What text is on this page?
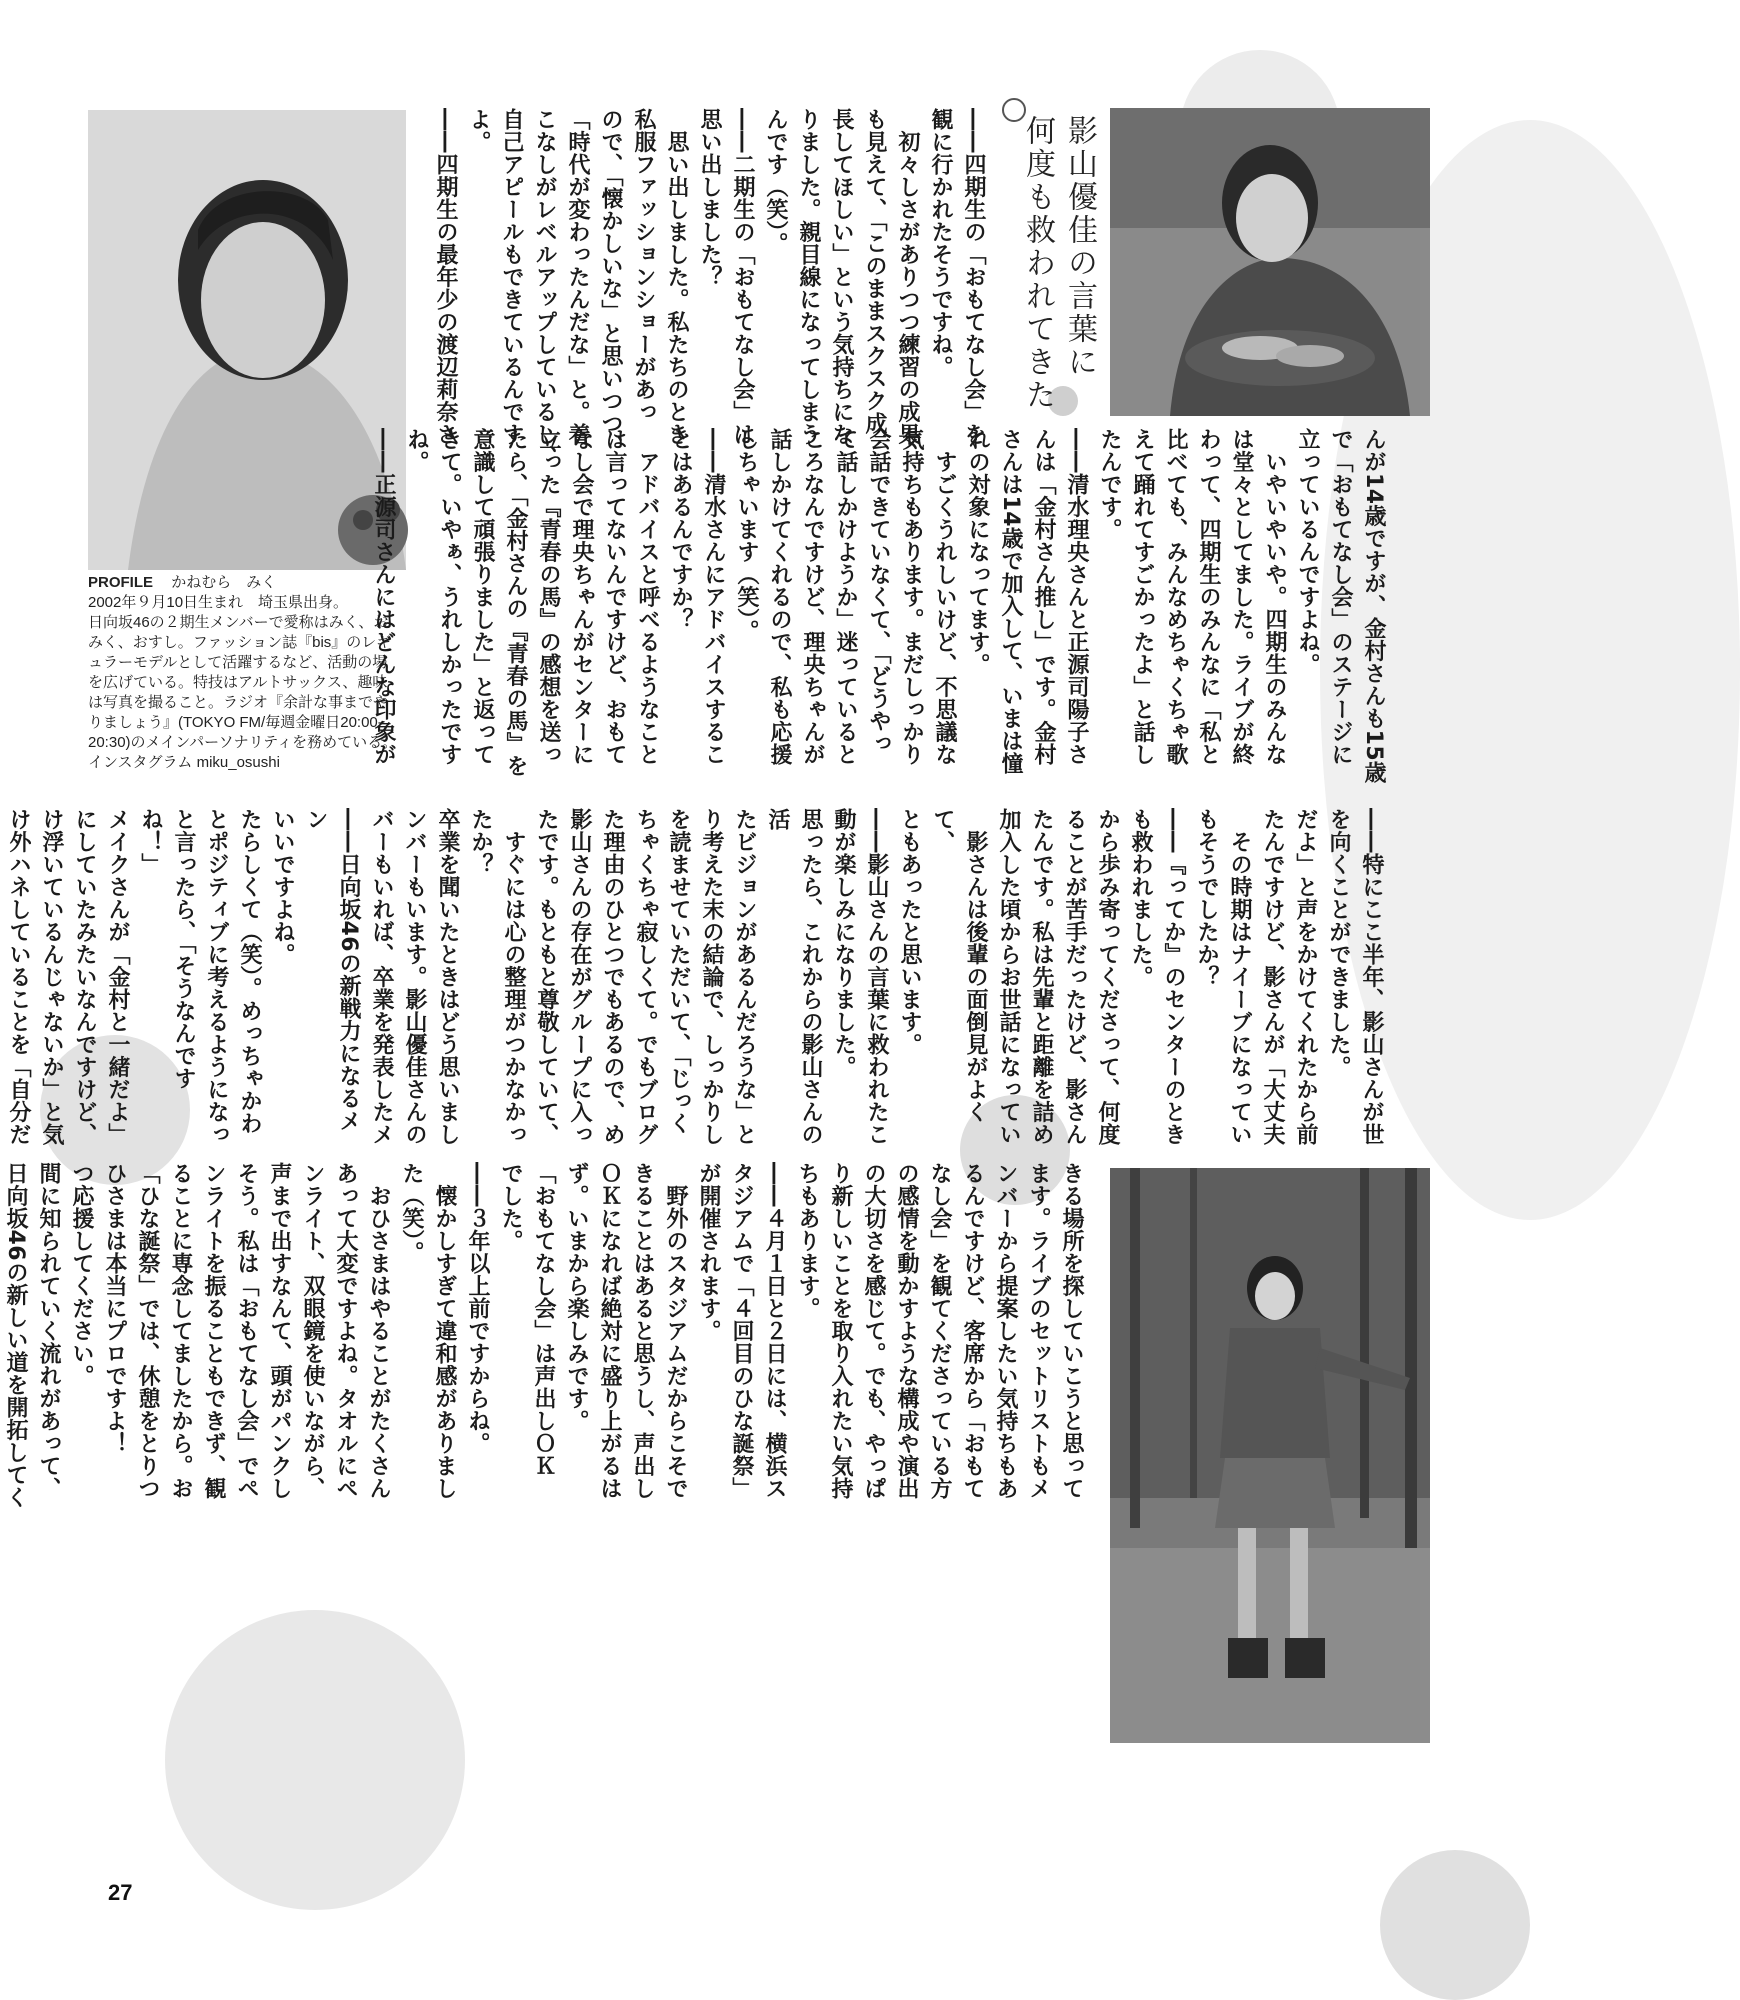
影山優佳の言葉に
何度も救われてきた
PROFILE かねむら　みく
2002年９月10日生まれ　埼玉県出身。
日向坂46の２期生メンバーで愛称はみく、お
みく、おすし。ファッション誌『bis』のレギ
ュラーモデルとして活躍するなど、活動の場
を広げている。特技はアルトサックス、趣味
は写真を撮ること。ラジオ『余計な事までや
りましょう』(TOKYO FM/毎週金曜日20:00-
20:30)のメインパーソナリティを務めている。
インスタグラム miku_osushi
――四期生の「おもてなし会」を
観に行かれたそうですね。
　初々しさがありつつ練習の成果
も見えて、「このままスクスク成
長してほしい」という気持ちにな
りました。親目線になってしまう
んです（笑）。
――二期生の「おもてなし会」は
思い出しました？
　思い出しました。私たちのとき
私服ファッションショーがあっ
ので、「懐かしいな」と思いつつ、
「時代が変わったんだな」と。着
こなしがレベルアップしているし、
自己アピールもできているんです
よ。
――四期生の最年少の渡辺莉奈さ
んが14歳ですが、金村さんも15歳
で「おもてなし会」のステージに
立っているんですよね。
　いやいやいや。四期生のみんな
は堂々としてました。ライブが終
わって、四期生のみんなに「私と
比べても、みんなめちゃくちゃ歌
えて踊れてすごかったよ」と話し
たんです。
――清水理央さんと正源司陽子さ
んは「金村さん推し」です。金村
さんは14歳で加入して、いまは憧
れの対象になってます。
　すごくうれしいけど、不思議な
気持ちもあります。まだしっかり
会話できていなくて、「どうやっ
て話しかけようか」迷っていると
ころなんですけど、理央ちゃんが
話しかけてくれるので、私も応援
しちゃいます（笑）。
――清水さんにアドバイスするこ
とはあるんですか？
　アドバイスと呼べるようなこと
は言ってないんですけど、おもて
なし会で理央ちゃんがセンターに
立った『青春の馬』の感想を送っ
たら、「金村さんの『青春の馬』を
意識して頑張りました」と返って
きて。いやぁ、うれしかったです
ね。
――正源司さんにはどんな印象が
――特にここ半年、影山さんが世
を向くことができました。
だよ」と声をかけてくれたから前
たんですけど、影さんが「大丈夫
　その時期はナイーブになってい
もそうでしたか？
――『ってか』のセンターのとき
も救われました。
から歩み寄ってくださって、何度
ることが苦手だったけど、影さん
たんです。私は先輩と距離を詰め
加入した頃からお世話になってい
　影さんは後輩の面倒見がよくて、
ともあったと思います。
――影山さんの言葉に救われたこ
動が楽しみになりました。
思ったら、これからの影山さんの活
たビジョンがあるんだろうな」と
り考えた末の結論で、しっかりし
を読ませていただいて、「じっく
ちゃくちゃ寂しくて。でもブログ
た理由のひとつでもあるので、め
影山さんの存在がグループに入っ
たです。もともと尊敬していて、
　すぐには心の整理がつかなかっ
たか？
卒業を聞いたときはどう思いまし
ンバーもいます。影山優佳さんの
バーもいれば、卒業を発表したメ
――日向坂46の新戦力になるメン
いいですよね。
たらしくて（笑）。めっちゃかわ
とポジティブに考えるようになっ
と言ったら、「そうなんですね！」
メイクさんが「金村と一緒だよ」
にしていたみたいなんですけど、
け浮いているんじゃないか」と気
け外ハネしていることを「自分だ

きる場所を探していこうと思って
ます。ライブのセットリストもメ
ンバーから提案したい気持ちもあ
るんですけど、客席から「おもて
なし会」を観てくださっている方
の感情を動かすような構成や演出
の大切さを感じて。でも、やっぱ
り新しいことを取り入れたい気持
ちもあります。
――４月１日と２日には、横浜ス
タジアムで「４回目のひな誕祭」
が開催されます。
　野外のスタジアムだからこそで
きることはあると思うし、声出し
ＯＫになれば絶対に盛り上がるは
ず。いまから楽しみです。
「おもてなし会」は声出しＯＫ
でした。
――３年以上前ですからね。
　懐かしすぎて違和感がありまし
た（笑）。
　おひさまはやることがたくさん
あって大変ですよね。タオルにペ
ンライト、双眼鏡を使いながら、
声まで出すなんて、頭がパンクし
そう。私は「おもてなし会」でペ
ンライトを振ることもできず、観
ることに専念してましたから。お
「ひな誕祭」では、休憩をとりつ
ひさまは本当にプロですよ！
つ応援してください。
間に知られていく流れがあって、
日向坂46の新しい道を開拓してく

27
